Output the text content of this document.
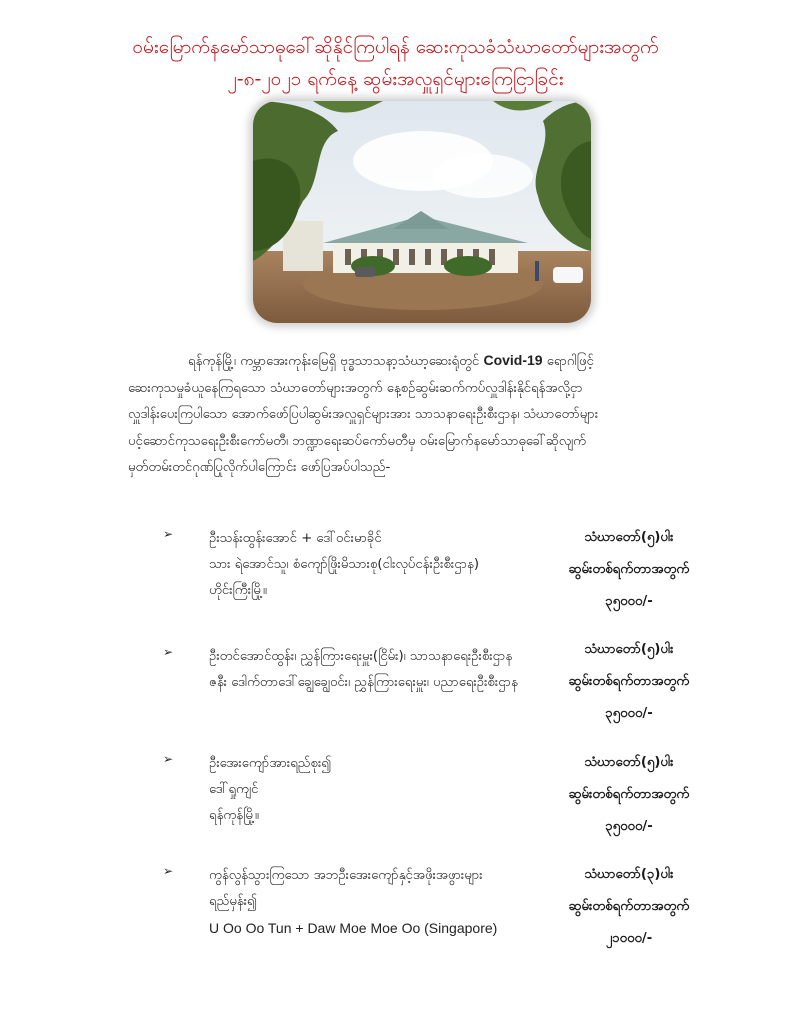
ဝမ်းမြောက်နမော်သာဓုခေါ်ဆိုနိုင်ကြပါရန် ဆေးကုသခံသံဃာတော်များအတွက်
၂-၈-၂၀၂၁ ရက်နေ့ ဆွမ်းအလှူရှင်များကြေငြာခြင်း

ရန်ကုန်မြို့၊ ကမ္ဘာအေးကုန်းမြေရှိ ဗုဒ္ဓသာသနာ့သံဃာ့ဆေးရုံတွင် Covid-19 ရောဂါဖြင့်

ဆေးကုသမှုခံယူနေကြရသော သံဃာတော်များအတွက် နေ့စဉ်ဆွမ်းဆက်ကပ်လှူဒါန်းနိုင်ရန်အလို့ငှာ

လှူဒါန်းပေးကြပါသော အောက်ဖော်ပြပါဆွမ်းအလှူရှင်များအား သာသနာရေးဦးစီးဌာန၊ သံဃာတော်များ

ပင့်ဆောင်ကုသရေးဦးစီးကော်မတီ၊ ဘဏ္ဍာရေးဆပ်ကော်မတီမှ ဝမ်းမြောက်နမော်သာဓုခေါ်ဆိုလျက်

မှတ်တမ်းတင်ဂုဏ်ပြုလိုက်ပါကြောင်း ဖော်ပြအပ်ပါသည်-

➢	ဦးသန်းထွန်းအောင် + ဒေါ်ဝင်းမာခိုင်
သား ရဲအောင်သူ၊ စံကျော်ဖြိုးမိသားစု(ငါးလုပ်ငန်းဦးစီးဌာန)
ဟိုင်းကြီးမြို့။
သံဃာတော်(၅)ပါး
ဆွမ်းတစ်ရက်တာအတွက်
၃၅၀၀၀/-
➢	ဦးတင်အောင်ထွန်း၊ ညွှန်ကြားရေးမှူး(ငြိမ်း)၊ သာသနာရေးဦးစီးဌာန
ဇနီး ဒေါက်တာဒေါ်ချွေချွေဝင်း၊ ညွှန်ကြားရေးမှူး၊ ပညာရေးဦးစီးဌာန
သံဃာတော်(၅)ပါး
ဆွမ်းတစ်ရက်တာအတွက်
၃၅၀၀၀/-
➢	ဦးအေးကျော်အားရည်စုး၍
ဒေါ်ရှုကျင်
ရန်ကုန်မြို့။
သံဃာတော်(၅)ပါး
ဆွမ်းတစ်ရက်တာအတွက်
၃၅၀၀၀/-
➢	ကွန်လွန်သွားကြသော အဘဦးအေးကျော်နှင့်အဖိုးအဖွားများ
ရည်မှန်း၍
U Oo Oo Tun + Daw Moe Moe Oo (Singapore)
သံဃာတော်(၃)ပါး
ဆွမ်းတစ်ရက်တာအတွက်
၂၁၀၀၀/-
